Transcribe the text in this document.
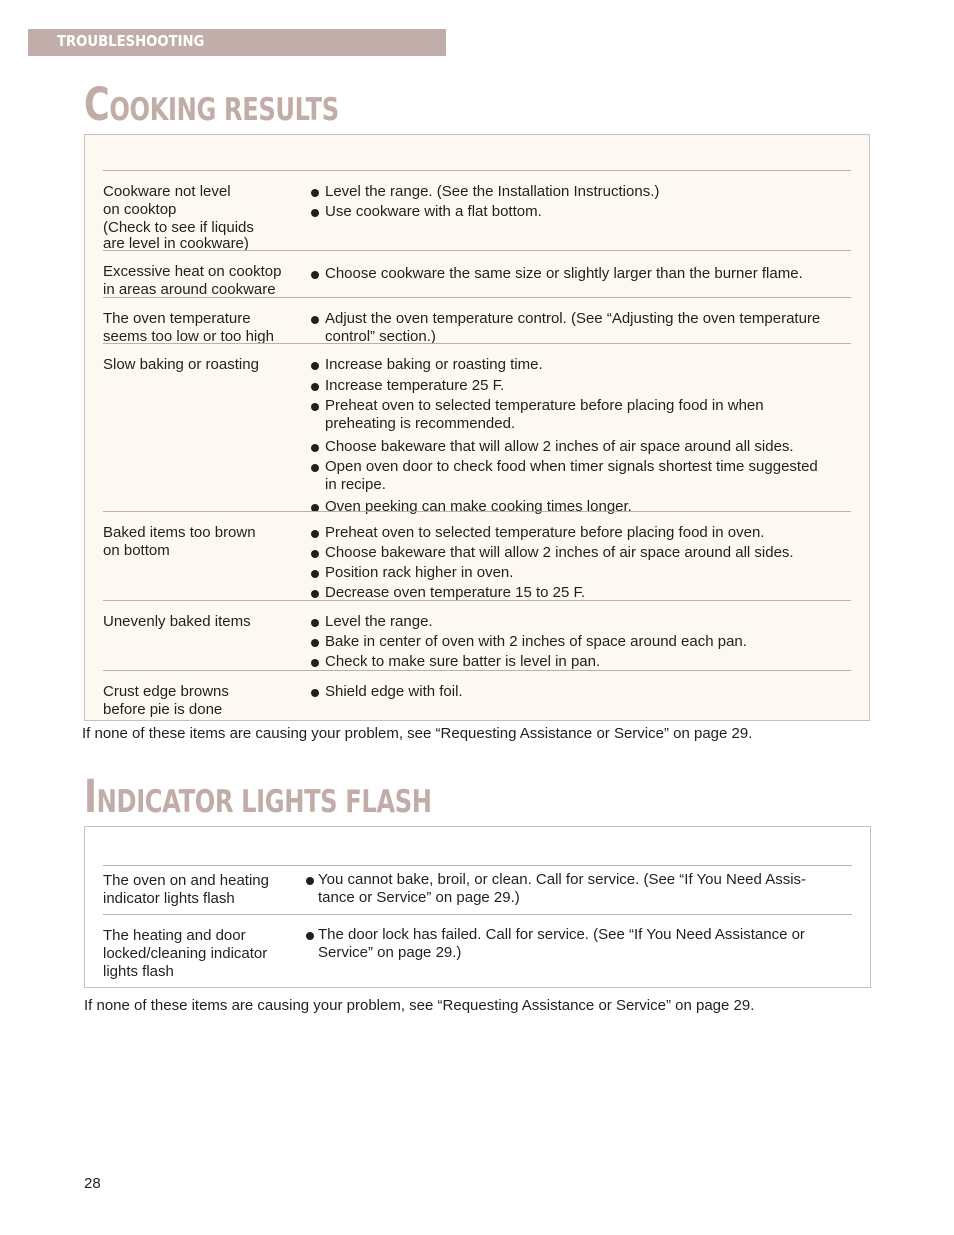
TROUBLESHOOTING
COOKING RESULTS
Cookware not level
on cooktop
(Check to see if liquids
are level in cookware)
Level the range. (See the Installation Instructions.)
Use cookware with a flat bottom.
Excessive heat on cooktop
in areas around cookware
Choose cookware the same size or slightly larger than the burner flame.
The oven temperature
seems too low or too high
Adjust the oven temperature control. (See “Adjusting the oven temperature
control” section.)
Slow baking or roasting	Increase baking or roasting time.
Increase temperature 25 F.
Preheat oven to selected temperature before placing food in when
preheating is recommended.
Choose bakeware that will allow 2 inches of air space around all sides.
Open oven door to check food when timer signals shortest time suggested
in recipe.
Oven peeking can make cooking times longer.
Baked items too brown
on bottom
Preheat oven to selected temperature before placing food in oven.
Choose bakeware that will allow 2 inches of air space around all sides.
Position rack higher in oven.
Decrease oven temperature 15 to 25 F.
Unevenly baked items	Level the range.
Bake in center of oven with 2 inches of space around each pan.
Check to make sure batter is level in pan.
Crust edge browns
before pie is done
Shield edge with foil.
If none of these items are causing your problem, see “Requesting Assistance or Service” on page 29.
INDICATOR LIGHTS FLASH
The oven on and heating
indicator lights flash
You cannot bake, broil, or clean. Call for service. (See “If You Need Assis-
tance or Service” on page 29.)
The heating and door
locked/cleaning indicator
lights flash
The door lock has failed. Call for service. (See “If You Need Assistance or
Service” on page 29.)
If none of these items are causing your problem, see “Requesting Assistance or Service” on page 29.
28
